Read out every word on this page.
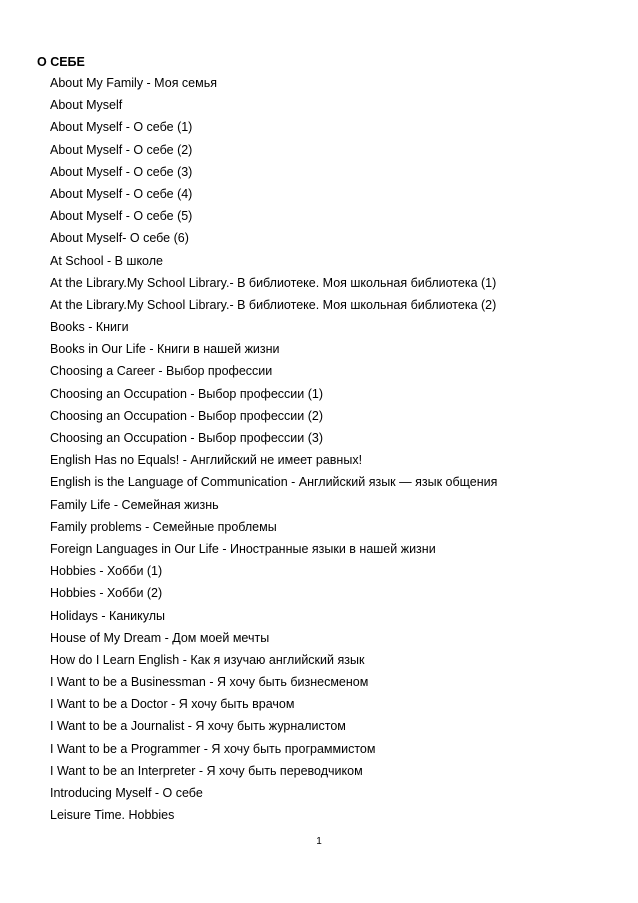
О СЕБЕ
About My Family - Моя семья
About Myself
About Myself - О себе (1)
About Myself - О себе (2)
About Myself - О себе (3)
About Myself - О себе (4)
About Myself - О себе (5)
About Myself- О себе (6)
At School - В школе
At the Library.My School Library.- В библиотеке. Моя школьная библиотека (1)
At the Library.My School Library.- В библиотеке. Моя школьная библиотека (2)
Books - Книги
Books in Our Life - Книги в нашей жизни
Choosing a Career - Выбор профессии
Choosing an Occupation - Выбор профессии (1)
Choosing an Occupation - Выбор профессии (2)
Choosing an Occupation - Выбор профессии (3)
English Has no Equals! - Английский не имеет равных!
English is the Language of Communication - Английский язык — язык общения
Family Life - Семейная жизнь
Family problems - Семейные проблемы
Foreign Languages in Our Life - Иностранные языки в нашей жизни
Hobbies - Хобби (1)
Hobbies - Хобби (2)
Holidays - Каникулы
House of My Dream - Дом моей мечты
How do I Learn English - Как я изучаю английский язык
I Want to be a Businessman - Я хочу быть бизнесменом
I Want to be a Doctor - Я хочу быть врачом
I Want to be a Journalist - Я хочу быть журналистом
I Want to be a Programmer - Я хочу быть программистом
I Want to be an Interpreter - Я хочу быть переводчиком
Introducing Myself - О себе
Leisure Time. Hobbies
1
